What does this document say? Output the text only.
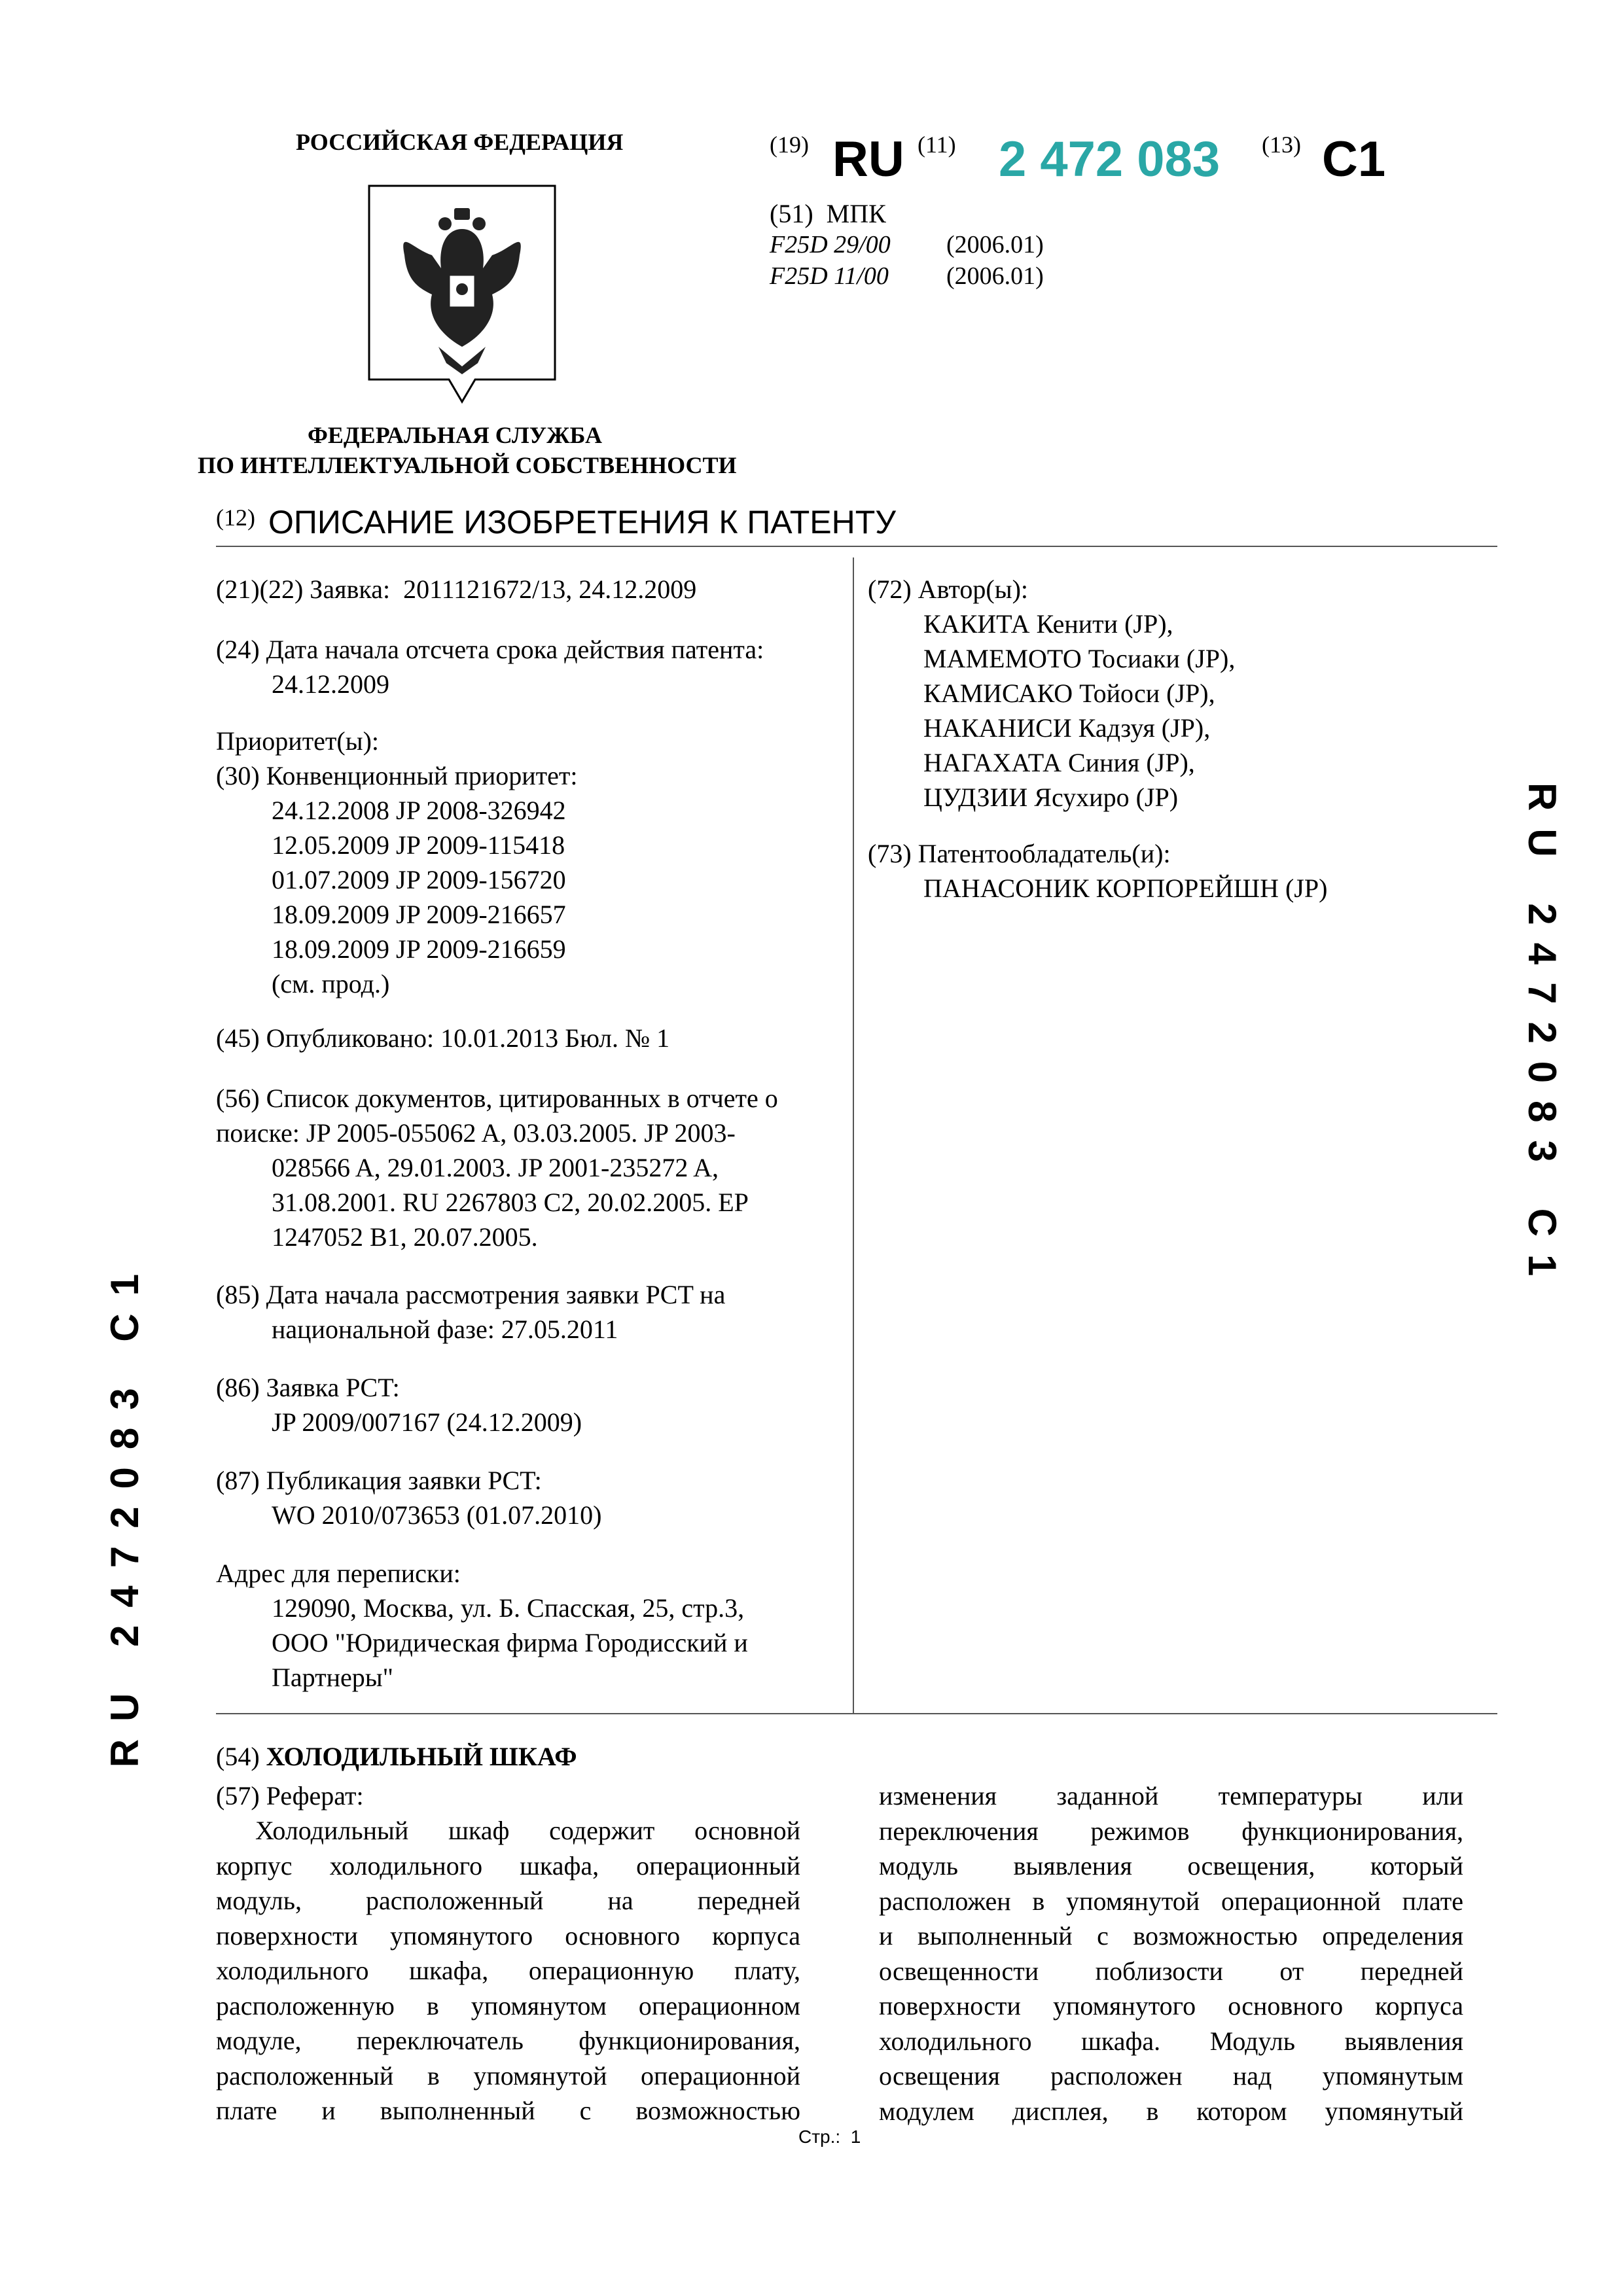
РОССИЙСКАЯ ФЕДЕРАЦИЯ
ФЕДЕРАЛЬНАЯ СЛУЖБА
ПО ИНТЕЛЛЕКТУАЛЬНОЙ СОБСТВЕННОСТИ
(19) RU (11) 2 472 083 (13) C1
(51) МПК
F25D 29/00 (2006.01)
F25D 11/00 (2006.01)
(12) ОПИСАНИЕ ИЗОБРЕТЕНИЯ К ПАТЕНТУ
(21)(22) Заявка: 2011121672/13, 24.12.2009
(24) Дата начала отсчета срока действия патента:
24.12.2009
Приоритет(ы):
(30) Конвенционный приоритет:
24.12.2008 JP 2008-326942
12.05.2009 JP 2009-115418
01.07.2009 JP 2009-156720
18.09.2009 JP 2009-216657
18.09.2009 JP 2009-216659
(см. прод.)
(45) Опубликовано: 10.01.2013 Бюл. № 1
(56) Список документов, цитированных в отчете о
поиске: JP 2005-055062 A, 03.03.2005. JP 2003-
028566 A, 29.01.2003. JP 2001-235272 A,
31.08.2001. RU 2267803 C2, 20.02.2005. EP
1247052 B1, 20.07.2005.
(85) Дата начала рассмотрения заявки PCT на
национальной фазе: 27.05.2011
(86) Заявка PCT:
JP 2009/007167 (24.12.2009)
(87) Публикация заявки PCT:
WO 2010/073653 (01.07.2010)
Адрес для переписки:
129090, Москва, ул. Б. Спасская, 25, стр.3,
ООО "Юридическая фирма Городисский и
Партнеры"
(72) Автор(ы):
КАКИТА Кенити (JP),
МАМЕМОТО Тосиаки (JP),
КАМИСАКО Тойоси (JP),
НАКАНИСИ Кадзуя (JP),
НАГАХАТА Синия (JP),
ЦУДЗИИ Ясухиро (JP)
(73) Патентообладатель(и):
ПАНАСОНИК КОРПОРЕЙШН (JP)
(54) ХОЛОДИЛЬНЫЙ ШКАФ
(57) Реферат:

Холодильный шкаф содержит основной

корпус холодильного шкафа, операционный

модуль, расположенный на передней

поверхности упомянутого основного корпуса

холодильного шкафа, операционную плату,

расположенную в упомянутом операционном

модуле, переключатель функционирования,

расположенный в упомянутой операционной

плате и выполненный с возможностью

изменения заданной температуры или

переключения режимов функционирования,

модуль выявления освещения, который

расположен в упомянутой операционной плате

и выполненный с возможностью определения

освещенности поблизости от передней

поверхности упомянутого основного корпуса

холодильного шкафа. Модуль выявления

освещения расположен над упомянутым

модулем дисплея, в котором упомянутый

RU 2472083 C1
RU 2472083 C1
Стр.: 1
